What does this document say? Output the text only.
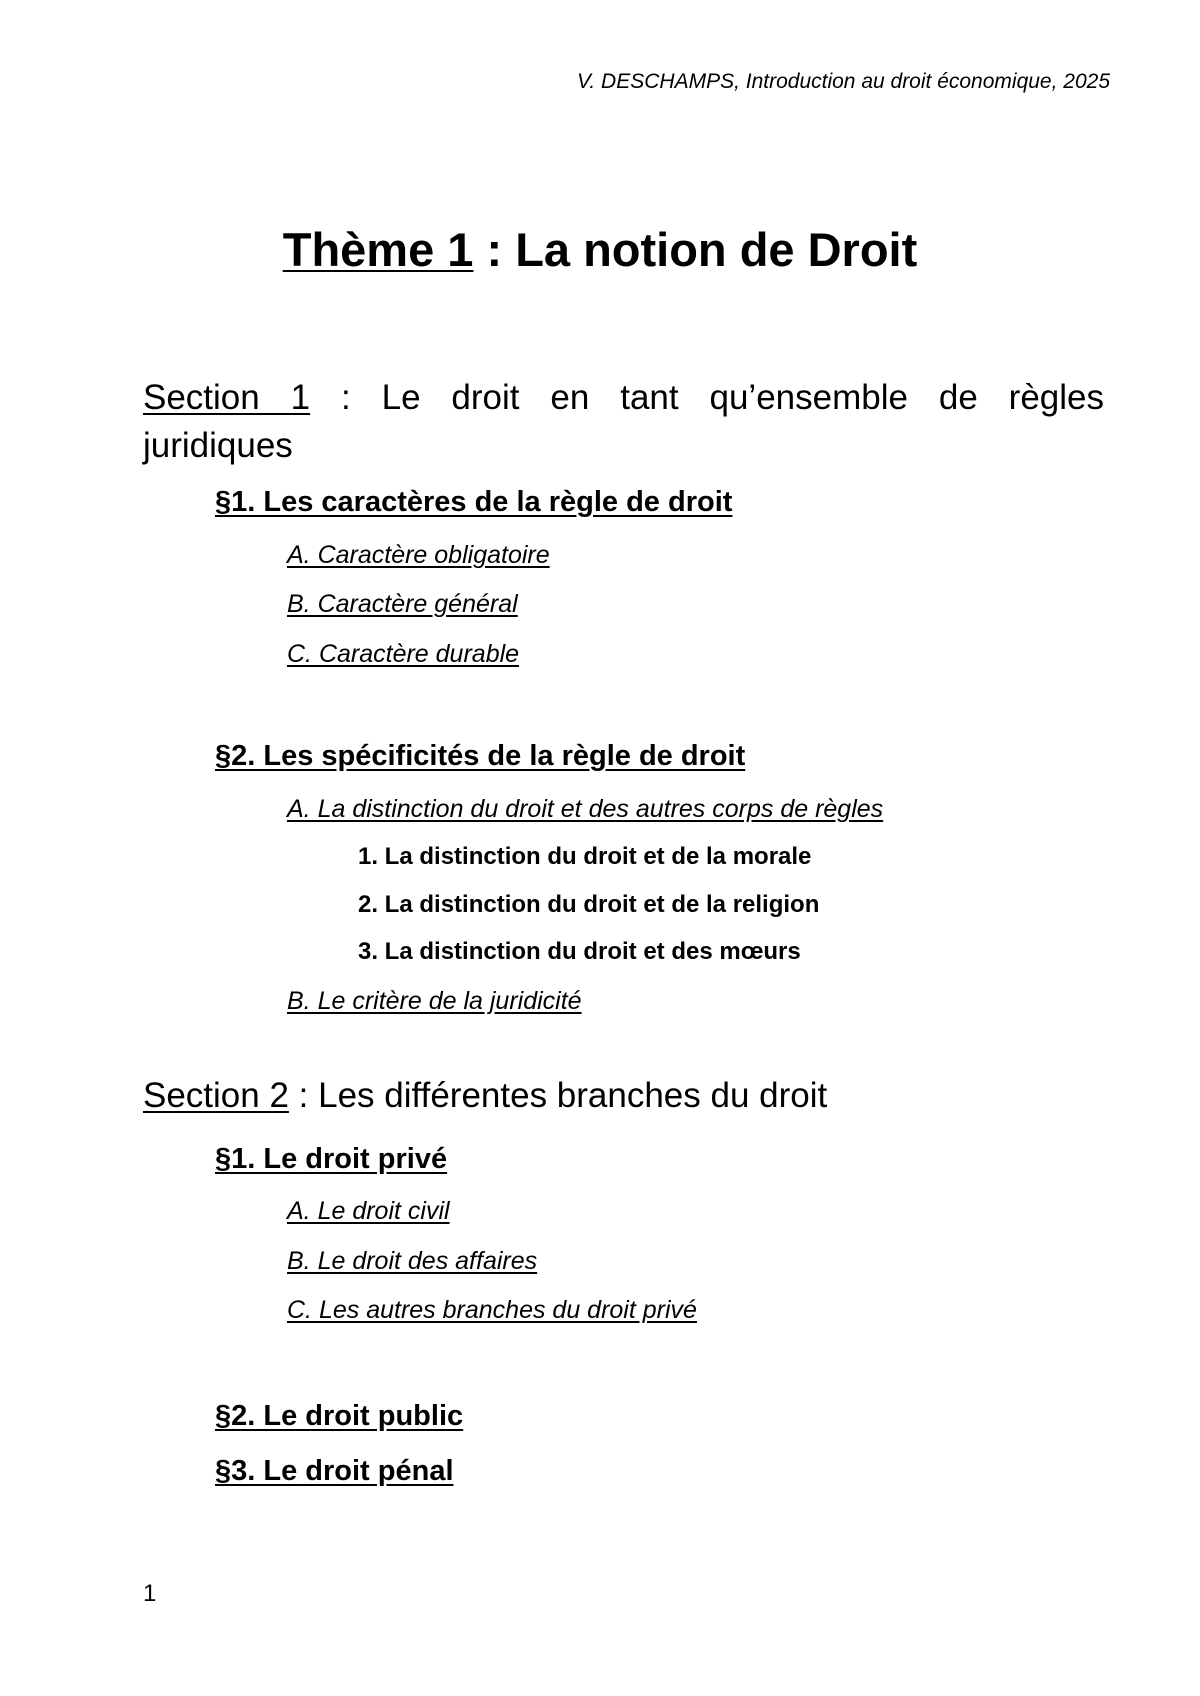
V. DESCHAMPS, Introduction au droit économique, 2025

Thème 1 : La notion de Droit
Section 1 : Le droit en tant qu’ensemble de règles juridiques
§1. Les caractères de la règle de droit

A. Caractère obligatoire

B. Caractère général

C. Caractère durable

§2. Les spécificités de la règle de droit

A. La distinction du droit et des autres corps de règles

1. La distinction du droit et de la morale

2. La distinction du droit et de la religion

3. La distinction du droit et des mœurs

B. Le critère de la juridicité

Section 2 : Les différentes branches du droit
§1. Le droit privé

A. Le droit civil

B. Le droit des affaires

C. Les autres branches du droit privé

§2. Le droit public
§3. Le droit pénal

1
